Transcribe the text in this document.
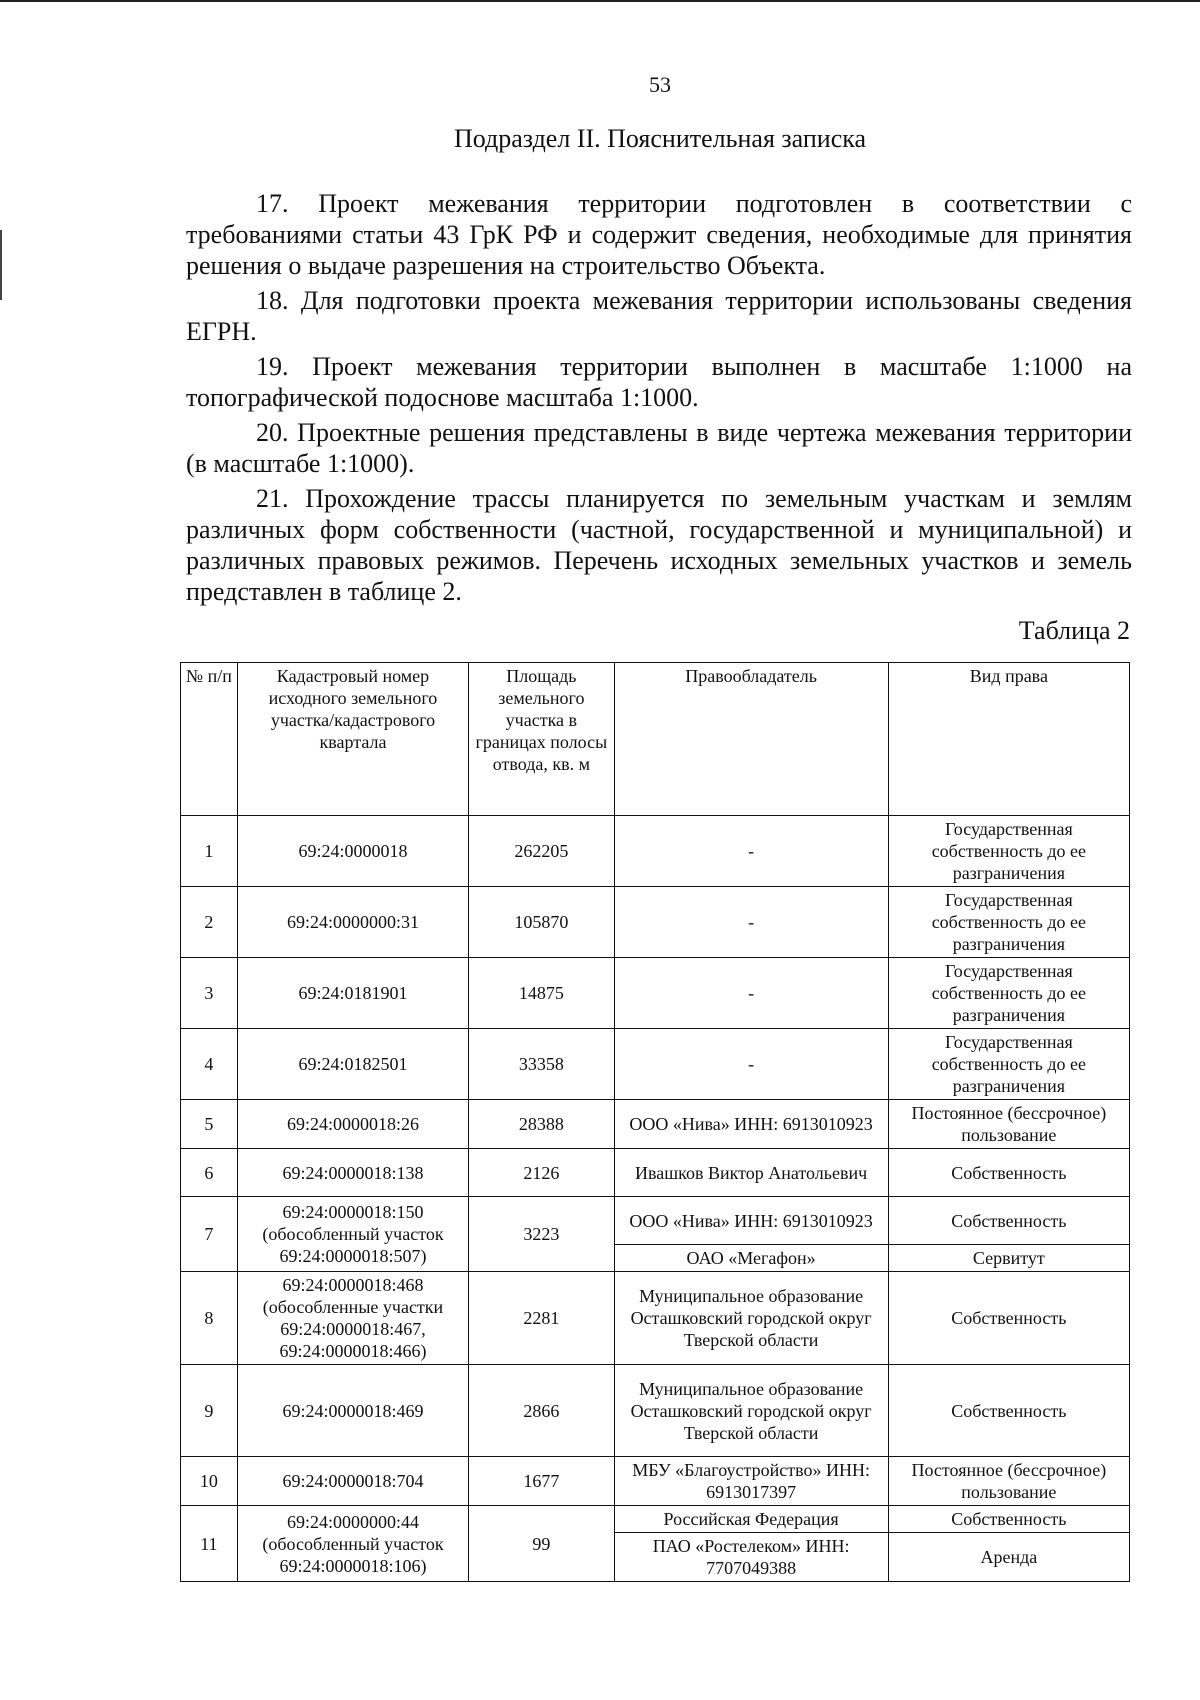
53
Подраздел II. Пояснительная записка

17. Проект межевания территории подготовлен в соответствии с требованиями статьи 43 ГрК РФ и содержит сведения, необходимые для принятия решения о выдаче разрешения на строительство Объекта.

18. Для подготовки проекта межевания территории использованы сведения ЕГРН.

19. Проект межевания территории выполнен в масштабе 1:1000 на топографической подоснове масштаба 1:1000.

20. Проектные решения представлены в виде чертежа межевания территории (в масштабе 1:1000).

21. Прохождение трассы планируется по земельным участкам и землям различных форм собственности (частной, государственной и муниципальной) и различных правовых режимов. Перечень исходных земельных участков и земель представлен в таблице 2.

Таблица 2
№ п/п	Кадастровый номер исходного земельного участка/кадастрового квартала	Площадь земельного участка в границах полосы отвода, кв. м	Правообладатель	Вид права
1	69:24:0000018	262205	-	Государственная собственность до ее разграничения
2	69:24:0000000:31	105870	-	Государственная собственность до ее разграничения
3	69:24:0181901	14875	-	Государственная собственность до ее разграничения
4	69:24:0182501	33358	-	Государственная собственность до ее разграничения
5	69:24:0000018:26	28388	ООО «Нива» ИНН: 6913010923	Постоянное (бессрочное) пользование
6	69:24:0000018:138	2126	Ивашков Виктор Анатольевич	Собственность
7	69:24:0000018:150 (обособленный участок 69:24:0000018:507)	3223	ООО «Нива» ИНН: 6913010923	Собственность
			ОАО «Мегафон»	Сервитут
8	69:24:0000018:468 (обособленные участки 69:24:0000018:467, 69:24:0000018:466)	2281	Муниципальное образование Осташковский городской округ Тверской области	Собственность
9	69:24:0000018:469	2866	Муниципальное образование Осташковский городской округ Тверской области	Собственность
10	69:24:0000018:704	1677	МБУ «Благоустройство» ИНН: 6913017397	Постоянное (бессрочное) пользование
11	69:24:0000000:44 (обособленный участок 69:24:0000018:106)	99	Российская Федерация	Собственность
			ПАО «Ростелеком» ИНН: 7707049388	Аренда
